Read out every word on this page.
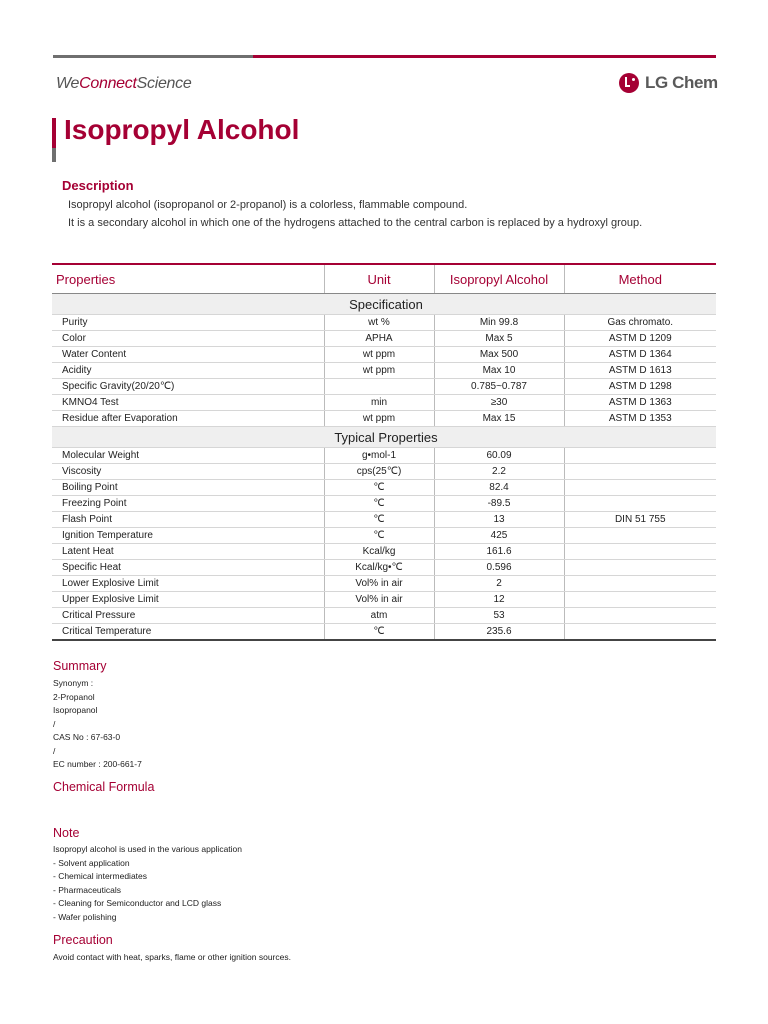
WeConnectScience	LG Chem
Isopropyl Alcohol
Description
Isopropyl alcohol (isopropanol or 2-propanol) is a colorless, flammable compound.
It is a secondary alcohol in which one of the hydrogens attached to the central carbon is replaced by a hydroxyl group.
Properties	Unit	Isopropyl Alcohol	Method
Specification			
Purity	wt %	Min 99.8	Gas chromato.
Color	APHA	Max 5	ASTM D 1209
Water Content	wt ppm	Max 500	ASTM D 1364
Acidity	wt ppm	Max 10	ASTM D 1613
Specific Gravity(20/20℃)		0.785~0.787	ASTM D 1298
KMNO4 Test	min	≥30	ASTM D 1363
Residue after Evaporation	wt ppm	Max 15	ASTM D 1353
Typical Properties			
Molecular Weight	g•mol-1	60.09	
Viscosity	cps(25℃)	2.2	
Boiling Point	℃	82.4	
Freezing Point	℃	-89.5	
Flash Point	℃	13	DIN 51 755
Ignition Temperature	℃	425	
Latent Heat	Kcal/kg	161.6	
Specific Heat	Kcal/kg•℃	0.596	
Lower Explosive Limit	Vol% in air	2	
Upper Explosive Limit	Vol% in air	12	
Critical Pressure	atm	53	
Critical Temperature	℃	235.6	
Summary
Synonym :
2-Propanol
Isopropanol
/
CAS No : 67-63-0
/
EC number : 200-661-7
Chemical Formula
Note
Isopropyl alcohol is used in the various application
- Solvent application
- Chemical intermediates
- Pharmaceuticals
- Cleaning for Semiconductor and LCD glass
- Wafer polishing
Precaution
Avoid contact with heat, sparks, flame or other ignition sources.
